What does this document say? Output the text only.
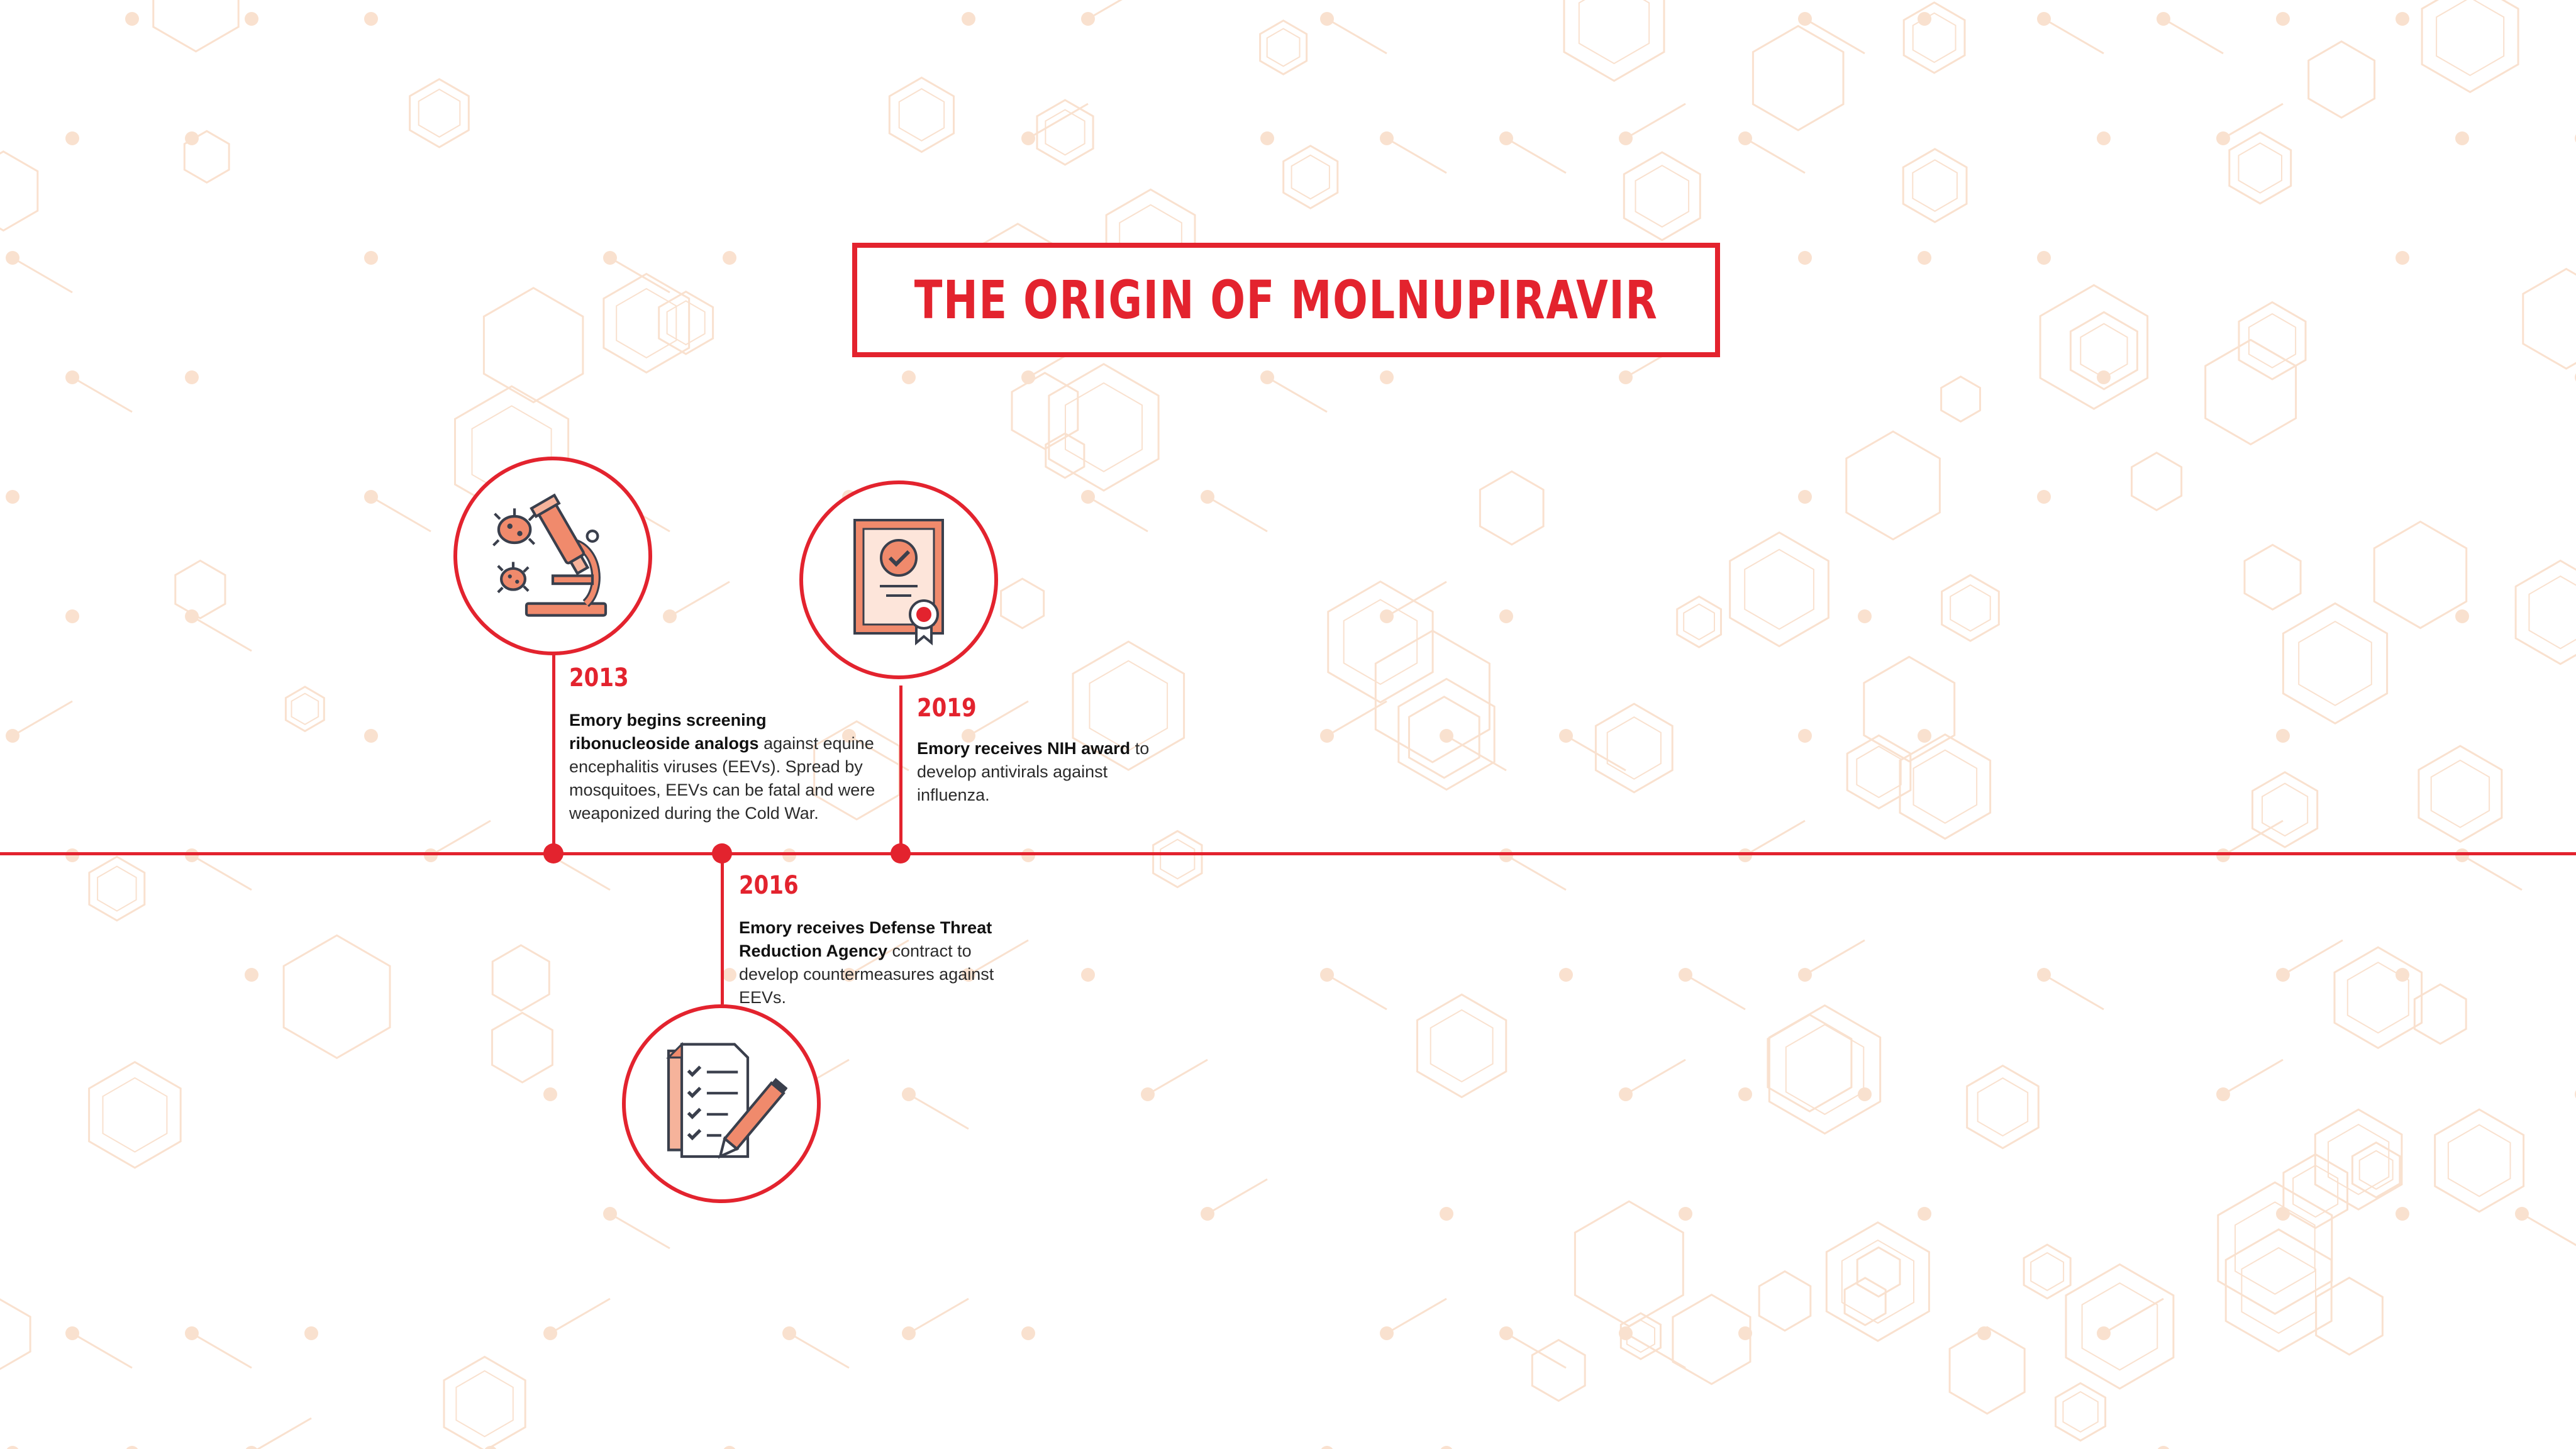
THE ORIGIN OF MOLNUPIRAVIR
2013
Emory begins screening ribonucleoside analogs against equine encephalitis viruses (EEVs). Spread by mosquitoes, EEVs can be fatal and were weaponized during the Cold War.
2016
Emory receives Defense Threat Reduction Agency contract to develop countermeasures against EEVs.
2019
Emory receives NIH award to develop antivirals against influenza.
